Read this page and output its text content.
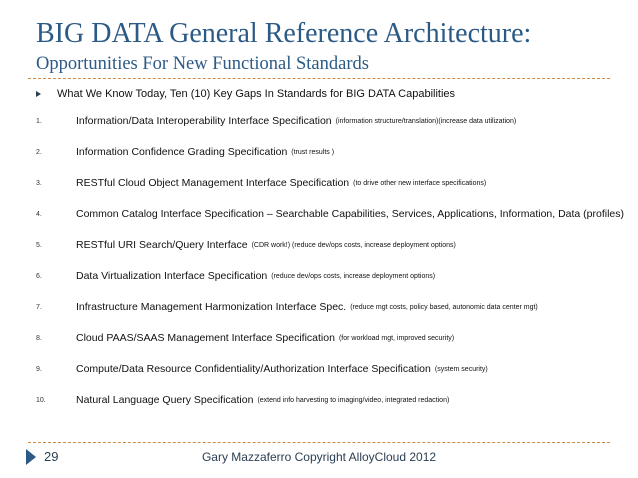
BIG DATA General Reference Architecture:
Opportunities For New Functional Standards
What We Know Today, Ten (10) Key Gaps In Standards for BIG DATA Capabilities
1.	Information/Data Interoperability Interface Specification (information structure/translation)(increase data utilization)
2.	Information Confidence Grading Specification (trust results )
3.	RESTful Cloud Object Management Interface Specification (to drive other new interface specifications)
4.	Common Catalog Interface Specification – Searchable Capabilities, Services, Applications, Information, Data (profiles)
5.	RESTful URI Search/Query Interface (CDR work!) (reduce dev/ops costs, increase deployment options)
6.	Data Virtualization Interface Specification (reduce dev/ops costs, increase deployment options)
7.	Infrastructure Management Harmonization Interface Spec. (reduce mgt costs, policy based, autonomic data center mgt)
8.	Cloud PAAS/SAAS Management Interface Specification (for workload mgt, improved security)
9.	Compute/Data Resource Confidentiality/Authorization Interface Specification (system security)
10.	Natural Language Query Specification (extend info harvesting to imaging/video, integrated redaction)
29	Gary Mazzaferro Copyright AlloyCloud 2012
